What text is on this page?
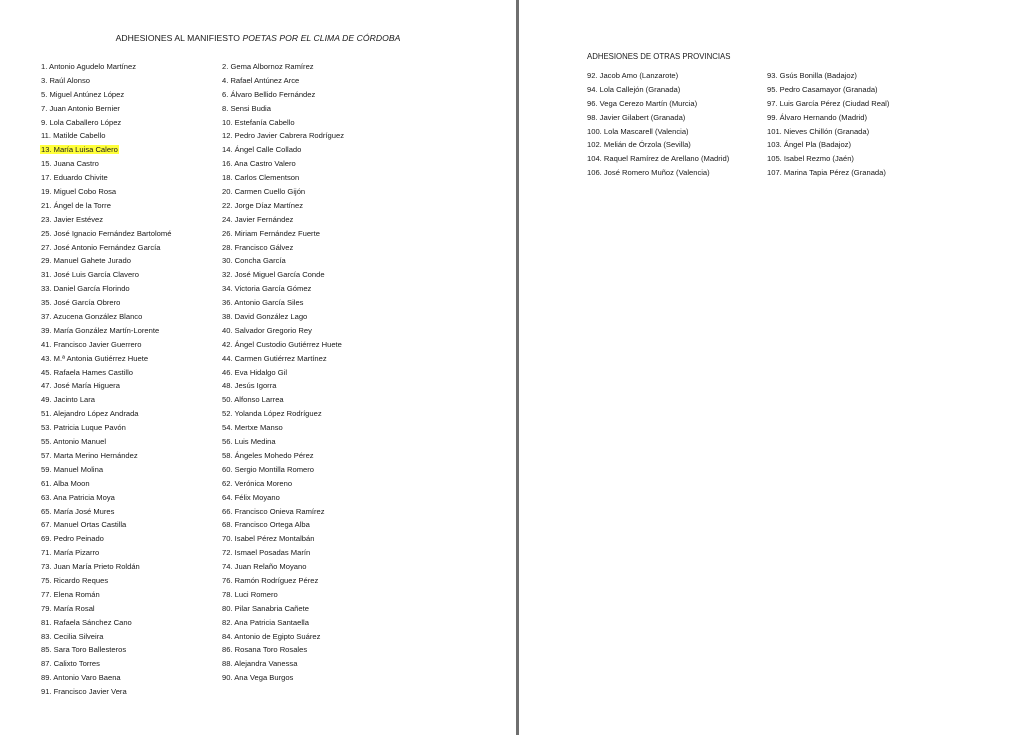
ADHESIONES AL MANIFIESTO POETAS POR EL CLIMA DE CÓRDOBA
1. Antonio Agudelo Martínez
3. Raúl Alonso
5. Miguel Antúnez López
7. Juan Antonio Bernier
9. Lola Caballero López
11. Matilde Cabello
13. María Luisa Calero
15. Juana Castro
17. Eduardo Chivite
19. Miguel Cobo Rosa
21. Ángel de la Torre
23. Javier Estévez
25. José Ignacio Fernández Bartolomé
27. José Antonio Fernández García
29. Manuel Gahete Jurado
31. José Luis García Clavero
33. Daniel García Florindo
35. José García Obrero
37. Azucena González Blanco
39. María González Martín-Lorente
41. Francisco Javier Guerrero
43. M.ª Antonia Gutiérrez Huete
45. Rafaela Hames Castillo
47. José María Higuera
49. Jacinto Lara
51. Alejandro López Andrada
53. Patricia Luque Pavón
55. Antonio Manuel
57. Marta Merino Hernández
59. Manuel Molina
61. Alba Moon
63. Ana Patricia Moya
65. María José Mures
67. Manuel Ortas Castilla
69. Pedro Peinado
71. María Pizarro
73. Juan María Prieto Roldán
75. Ricardo Reques
77. Elena Román
79. María Rosal
81. Rafaela Sánchez Cano
83. Cecilia Silveira
85. Sara Toro Ballesteros
87. Calixto Torres
89. Antonio Varo Baena
91. Francisco Javier Vera
2. Gema Albornoz Ramírez
4. Rafael Antúnez Arce
6. Álvaro Bellido Fernández
8. Sensi Budia
10. Estefanía Cabello
12. Pedro Javier Cabrera Rodríguez
14. Ángel Calle Collado
16. Ana Castro Valero
18. Carlos Clementson
20. Carmen Cuello Gijón
22. Jorge Díaz Martínez
24. Javier Fernández
26. Miriam Fernández Fuerte
28. Francisco Gálvez
30. Concha García
32. José Miguel García Conde
34. Victoria García Gómez
36. Antonio García Siles
38. David González Lago
40. Salvador Gregorio Rey
42. Ángel Custodio Gutiérrez Huete
44. Carmen Gutiérrez Martínez
46. Eva Hidalgo Gil
48. Jesús Igorra
50. Alfonso Larrea
52. Yolanda López Rodríguez
54. Mertxe Manso
56. Luis Medina
58. Ángeles Mohedo Pérez
60. Sergio Montilla Romero
62. Verónica Moreno
64. Félix Moyano
66. Francisco Onieva Ramírez
68. Francisco Ortega Alba
70. Isabel Pérez Montalbán
72. Ismael Posadas Marín
74. Juan Relaño Moyano
76. Ramón Rodríguez Pérez
78. Luci Romero
80. Pilar Sanabria Cañete
82. Ana Patricia Santaella
84. Antonio de Egipto Suárez
86. Rosana Toro Rosales
88. Alejandra Vanessa
90. Ana Vega Burgos
ADHESIONES DE OTRAS PROVINCIAS
92. Jacob Amo (Lanzarote)
94. Lola Callejón (Granada)
96. Vega Cerezo Martín (Murcia)
98. Javier Gilabert (Granada)
100. Lola Mascarell (Valencia)
102. Melián de Órzola (Sevilla)
104. Raquel Ramírez de Arellano (Madrid)
106. José Romero Muñoz (Valencia)
93. Gsús Bonilla (Badajoz)
95. Pedro Casamayor (Granada)
97. Luis García Pérez (Ciudad Real)
99. Álvaro Hernando (Madrid)
101. Nieves Chillón (Granada)
103. Ángel Pla (Badajoz)
105. Isabel Rezmo (Jaén)
107. Marina Tapia Pérez (Granada)
